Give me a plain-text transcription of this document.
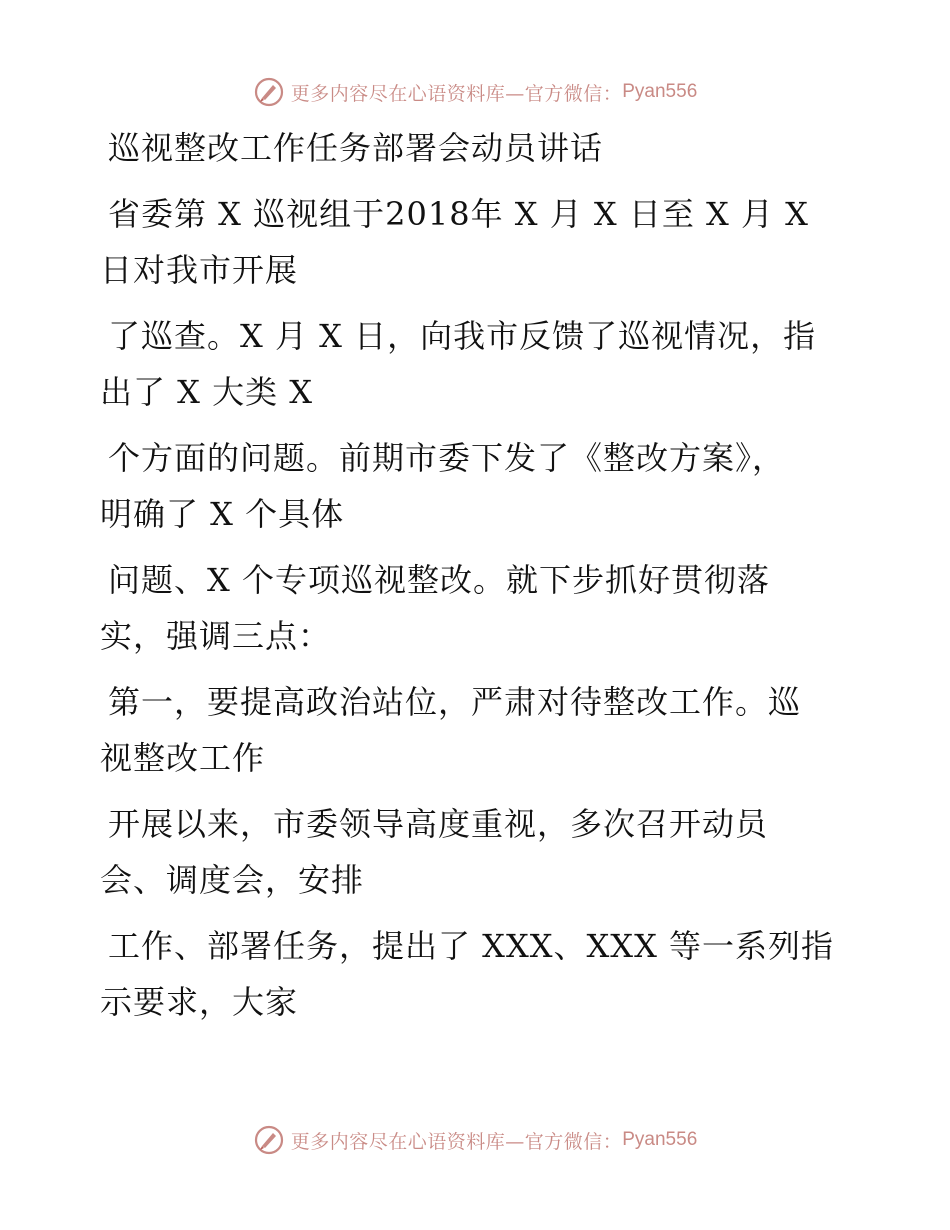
更多内容尽在心语资料库—官方微信： Pyan556
巡视整改工作任务部署会动员讲话
省委第 X 巡视组于2018年 X 月 X 日至 X 月 X
日对我市开展
了巡查。X 月 X 日，向我市反馈了巡视情况，指
出了 X 大类 X
个方面的问题。前期市委下发了《整改方案》，
明确了 X 个具体
问题、X 个专项巡视整改。就下步抓好贯彻落
实，强调三点：
第一，要提高政治站位，严肃对待整改工作。巡
视整改工作
开展以来，市委领导高度重视，多次召开动员
会、调度会，安排
工作、部署任务，提出了 XXX、XXX 等一系列指
示要求，大家
更多内容尽在心语资料库—官方微信： Pyan556
